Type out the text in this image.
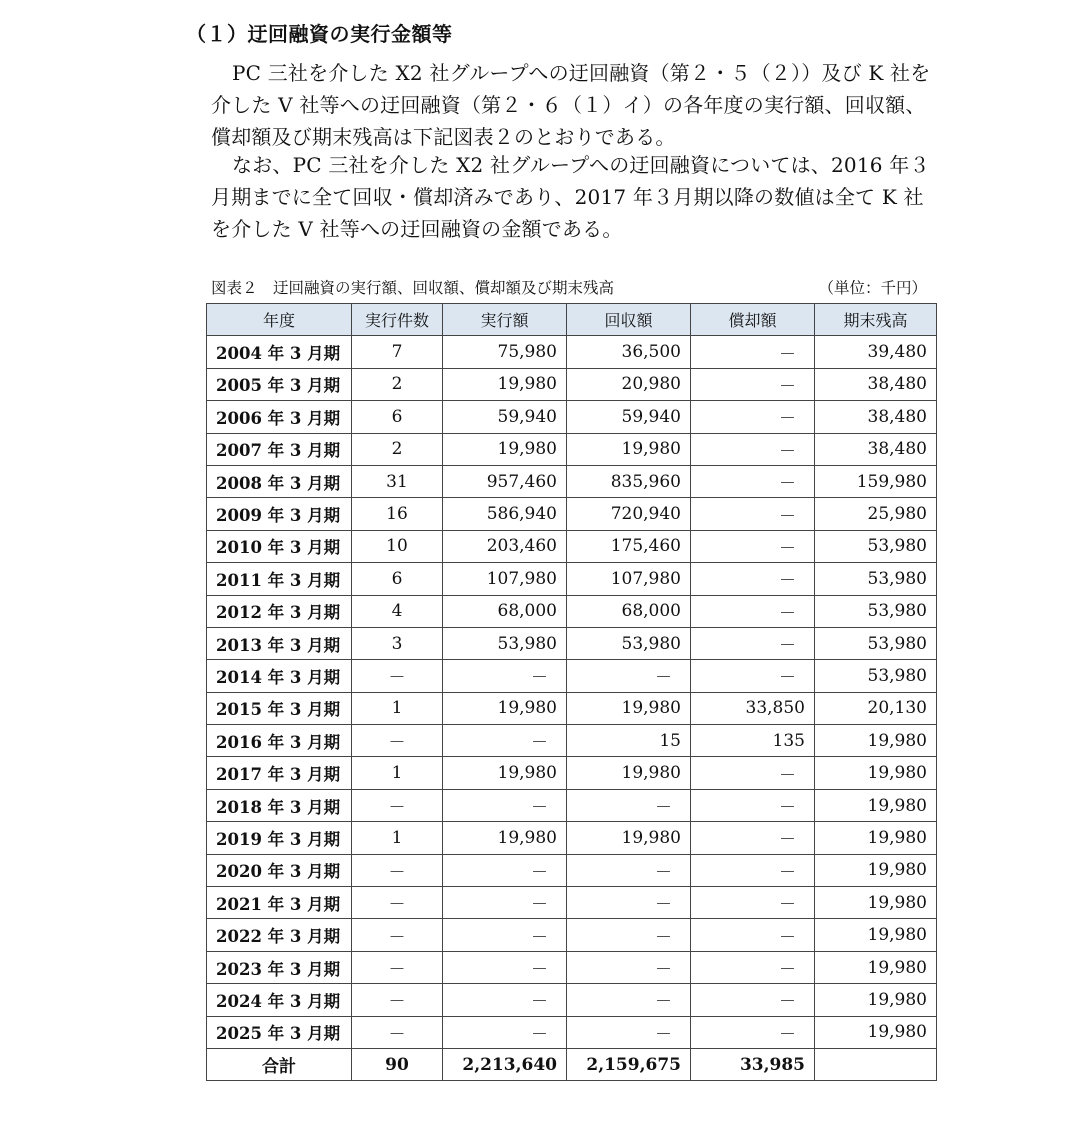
（１）迂回融資の実行金額等

PC 三社を介した X2 社グループへの迂回融資（第２・５（２））及び K 社を介した V 社等への迂回融資（第２・６（１）イ）の各年度の実行額、回収額、償却額及び期末残高は下記図表２のとおりである。

なお、PC 三社を介した X2 社グループへの迂回融資については、2016 年３月期までに全て回収・償却済みであり、2017 年３月期以降の数値は全て K 社を介した V 社等への迂回融資の金額である。

図表２　迂回融資の実行額、回収額、償却額及び期末残高	（単位：千円）
年度	実行件数	実行額	回収額	償却額	期末残高
2004 年 3 月期	7	75,980	36,500	－	39,480
2005 年 3 月期	2	19,980	20,980	－	38,480
2006 年 3 月期	6	59,940	59,940	－	38,480
2007 年 3 月期	2	19,980	19,980	－	38,480
2008 年 3 月期	31	957,460	835,960	－	159,980
2009 年 3 月期	16	586,940	720,940	－	25,980
2010 年 3 月期	10	203,460	175,460	－	53,980
2011 年 3 月期	6	107,980	107,980	－	53,980
2012 年 3 月期	4	68,000	68,000	－	53,980
2013 年 3 月期	3	53,980	53,980	－	53,980
2014 年 3 月期	－	－	－	－	53,980
2015 年 3 月期	1	19,980	19,980	33,850	20,130
2016 年 3 月期	－	－	15	135	19,980
2017 年 3 月期	1	19,980	19,980	－	19,980
2018 年 3 月期	－	－	－	－	19,980
2019 年 3 月期	1	19,980	19,980	－	19,980
2020 年 3 月期	－	－	－	－	19,980
2021 年 3 月期	－	－	－	－	19,980
2022 年 3 月期	－	－	－	－	19,980
2023 年 3 月期	－	－	－	－	19,980
2024 年 3 月期	－	－	－	－	19,980
2025 年 3 月期	－	－	－	－	19,980
合計	90	2,213,640	2,159,675	33,985	
